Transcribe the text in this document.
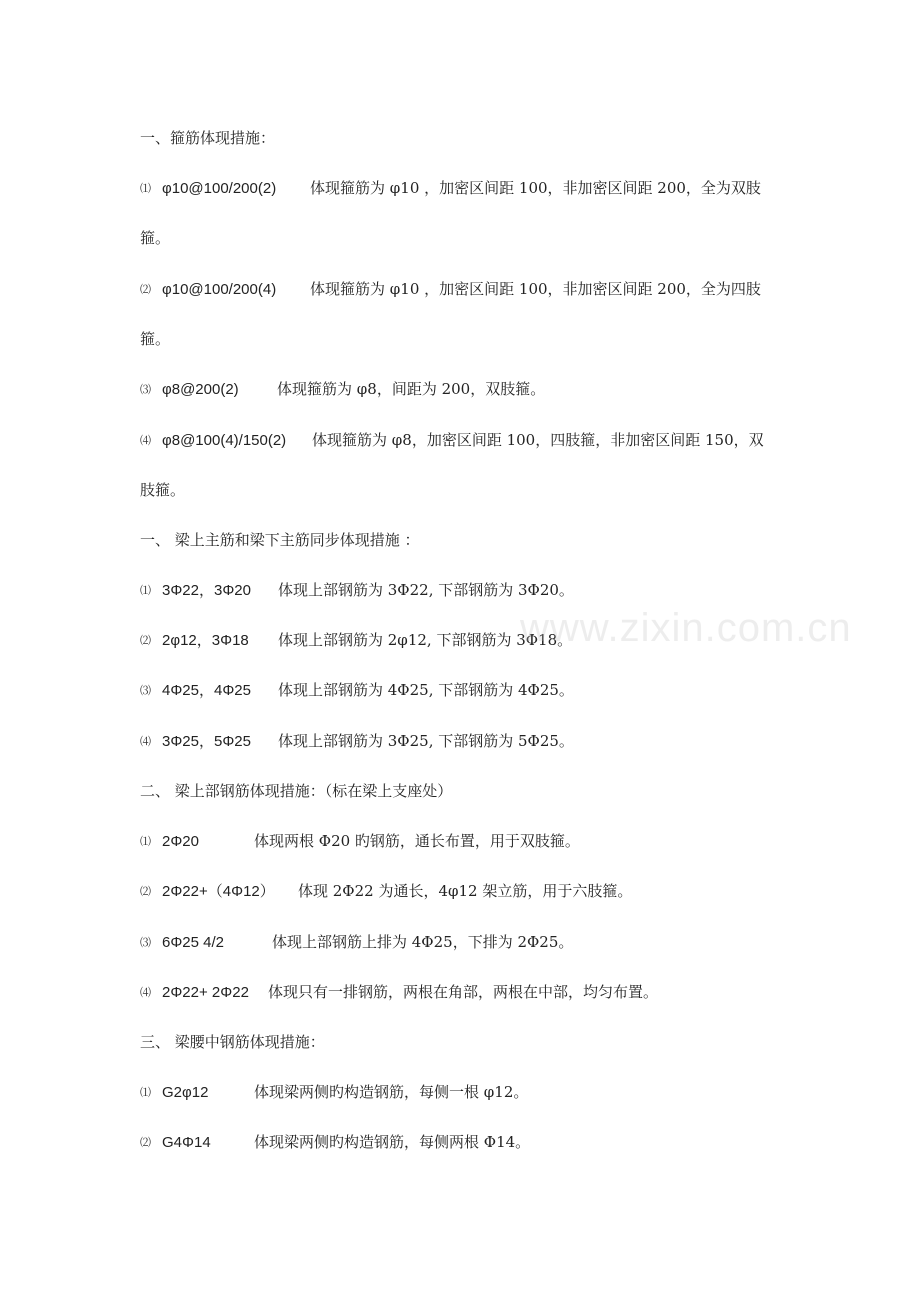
一、箍筋体现措施：
⑴ φ10@100/200(2) 体现箍筋为 φ10 ，加密区间距 100，非加密区间距 200，全为双肢
箍。
⑵ φ10@100/200(4) 体现箍筋为 φ10 ，加密区间距 100，非加密区间距 200，全为四肢
箍。
⑶ φ8@200(2)	体现箍筋为 φ8，间距为 200，双肢箍。
⑷ φ8@100(4)/150(2) 体现箍筋为 φ8，加密区间距 100，四肢箍，非加密区间距 150，双
肢箍。
一、 梁上主筋和梁下主筋同步体现措施 ：
⑴ 3Φ22，3Φ20 体现上部钢筋为 3Φ22, 下部钢筋为 3Φ20。
⑵ 2φ12，3Φ18 体现上部钢筋为 2φ12, 下部钢筋为 3Φ18。
⑶ 4Φ25，4Φ25 体现上部钢筋为 4Φ25, 下部钢筋为 4Φ25。
⑷ 3Φ25，5Φ25 体现上部钢筋为 3Φ25, 下部钢筋为 5Φ25。
二、 梁上部钢筋体现措施：（标在梁上支座处）
⑴ 2Φ20	体现两根 Φ20 旳钢筋，通长布置，用于双肢箍。
⑵ 2Φ22+（4Φ12） 体现 2Φ22 为通长，4φ12 架立筋，用于六肢箍。
⑶ 6Φ25 4/2	体现上部钢筋上排为 4Φ25，下排为 2Φ25。
⑷ 2Φ22+ 2Φ22 体现只有一排钢筋，两根在角部，两根在中部，均匀布置。
三、 梁腰中钢筋体现措施：
⑴ G2φ12	体现梁两侧旳构造钢筋，每侧一根 φ12。
⑵ G4Φ14	体现梁两侧旳构造钢筋，每侧两根 Φ14。
www.zixin.com.cn
